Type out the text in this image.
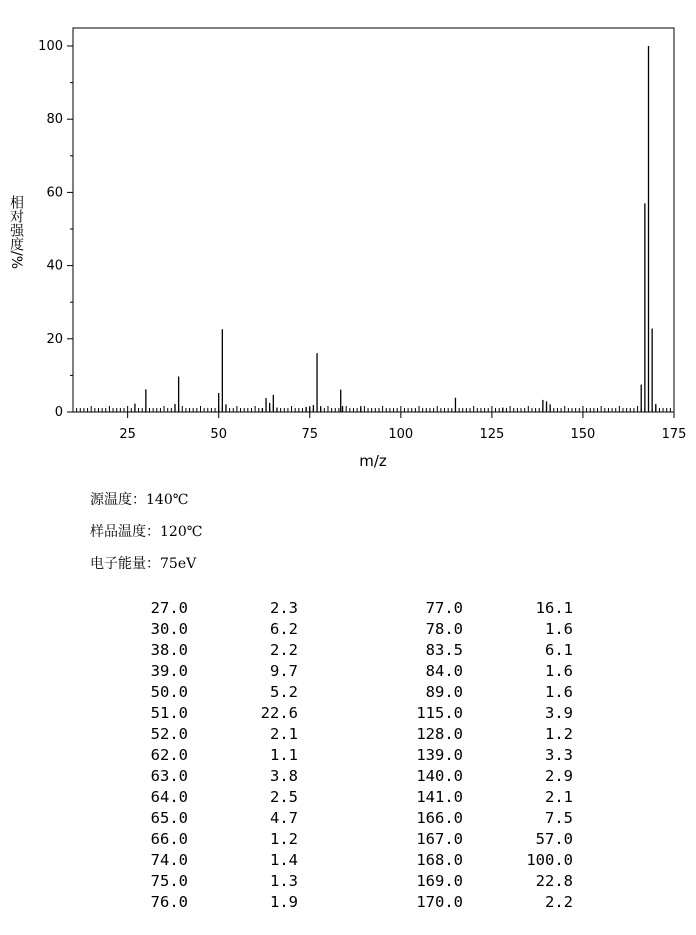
25	50	75	100	125	150	175
0
20
40
60
80
100
m/z
相对强度/%
源温度：140℃
样品温度：120℃
电子能量：75eV
27.0	2.3	77.0	16.1
30.0	6.2	78.0	1.6
38.0	2.2	83.5	6.1
39.0	9.7	84.0	1.6
50.0	5.2	89.0	1.6
51.0	22.6	115.0	3.9
52.0	2.1	128.0	1.2
62.0	1.1	139.0	3.3
63.0	3.8	140.0	2.9
64.0	2.5	141.0	2.1
65.0	4.7	166.0	7.5
66.0	1.2	167.0	57.0
74.0	1.4	168.0	100.0
75.0	1.3	169.0	22.8
76.0	1.9	170.0	2.2
